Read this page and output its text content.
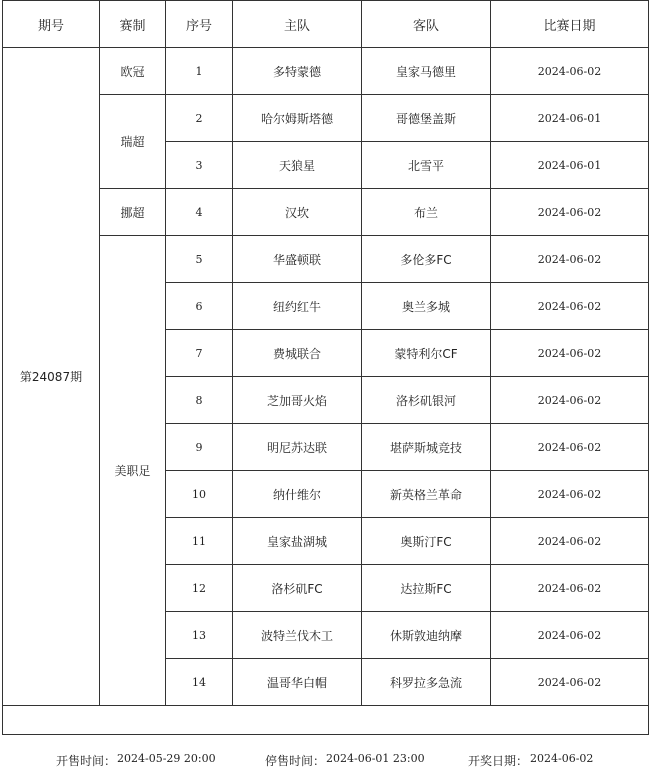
期号	赛制	序号	主队	客队	比赛日期
第24087期	欧冠	1	多特蒙德	皇家马德里	2024-06-02
	瑞超	2	哈尔姆斯塔德	哥德堡盖斯	2024-06-01
		3	天狼星	北雪平	2024-06-01
	挪超	4	汉坎	布兰	2024-06-02
	美职足	5	华盛顿联	多伦多FC	2024-06-02
		6	纽约红牛	奥兰多城	2024-06-02
		7	费城联合	蒙特利尔CF	2024-06-02
		8	芝加哥火焰	洛杉矶银河	2024-06-02
		9	明尼苏达联	堪萨斯城竞技	2024-06-02
		10	纳什维尔	新英格兰革命	2024-06-02
		11	皇家盐湖城	奥斯汀FC	2024-06-02
		12	洛杉矶FC	达拉斯FC	2024-06-02
		13	波特兰伐木工	休斯敦迪纳摩	2024-06-02
		14	温哥华白帽	科罗拉多急流	2024-06-02

开售时间： 2024-05-29 20:00	停售时间： 2024-06-01 23:00	开奖日期： 2024-06-02
